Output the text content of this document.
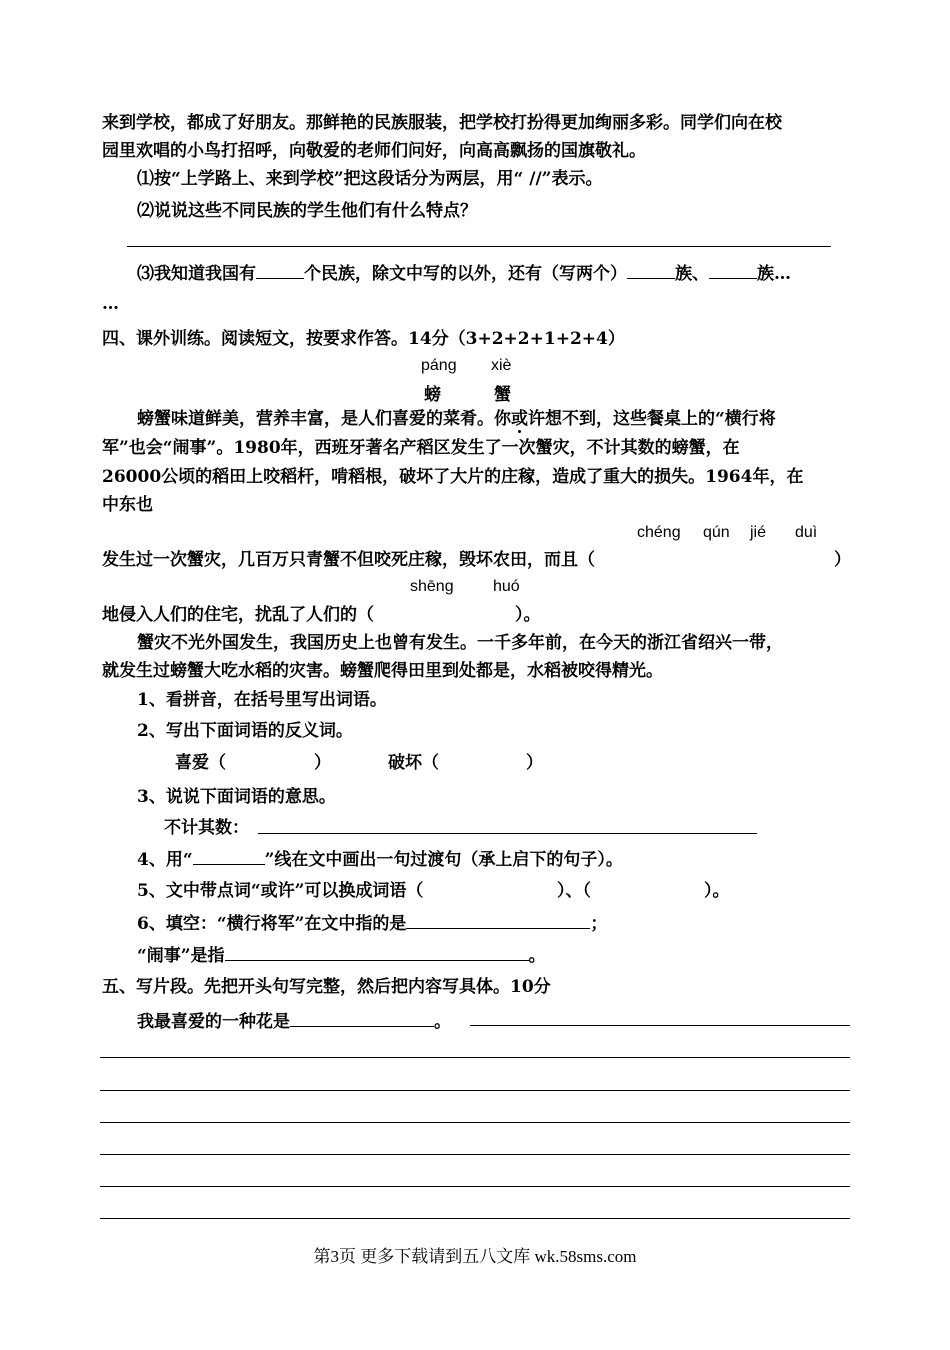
来到学校，都成了好朋友。那鲜艳的民族服装，把学校打扮得更加绚丽多彩。同学们向在校
园里欢唱的小鸟打招呼，向敬爱的老师们问好，向高高飘扬的国旗敬礼。
⑴按“上学路上、来到学校”把这段话分为两层，用“ //”表示。
⑵说说这些不同民族的学生他们有什么特点？
⑶我知道我国有	个民族，除文中写的以外，还有（写两个）	族、	族…
…
四、课外训练。阅读短文，按要求作答。14分（3+2+2+1+2+4）
páng xiè
螃	蟹
螃蟹味道鲜美，营养丰富，是人们喜爱的菜肴。你或许想不到，这些餐桌上的“横行将
军”也会“闹事”。1980年，西班牙著名产稻区发生了一次蟹灾，不计其数的螃蟹，在
26000公顷的稻田上咬稻杆，啃稻根，破坏了大片的庄稼，造成了重大的损失。1964年，在
中东也
chéng qún jié duì
发生过一次蟹灾，几百万只青蟹不但咬死庄稼，毁坏农田，而且（	）
shēng huó
地侵入人们的住宅，扰乱了人们的（	）。
蟹灾不光外国发生，我国历史上也曾有发生。一千多年前，在今天的浙江省绍兴一带，
就发生过螃蟹大吃水稻的灾害。螃蟹爬得田里到处都是，水稻被咬得精光。
1、看拼音，在括号里写出词语。
2、写出下面词语的反义词。
喜爱（	）	破坏（	）
3、说说下面词语的意思。
不计其数：
4、用“	”线在文中画出一句过渡句（承上启下的句子）。
5、文中带点词“或许”可以换成词语（	）、（	）。
6、填空：“横行将军”在文中指的是	；
“闹事”是指	。
五、写片段。先把开头句写完整，然后把内容写具体。10分
我最喜爱的一种花是	。
第3页 更多下载请到五八文库 wk.58sms.com
